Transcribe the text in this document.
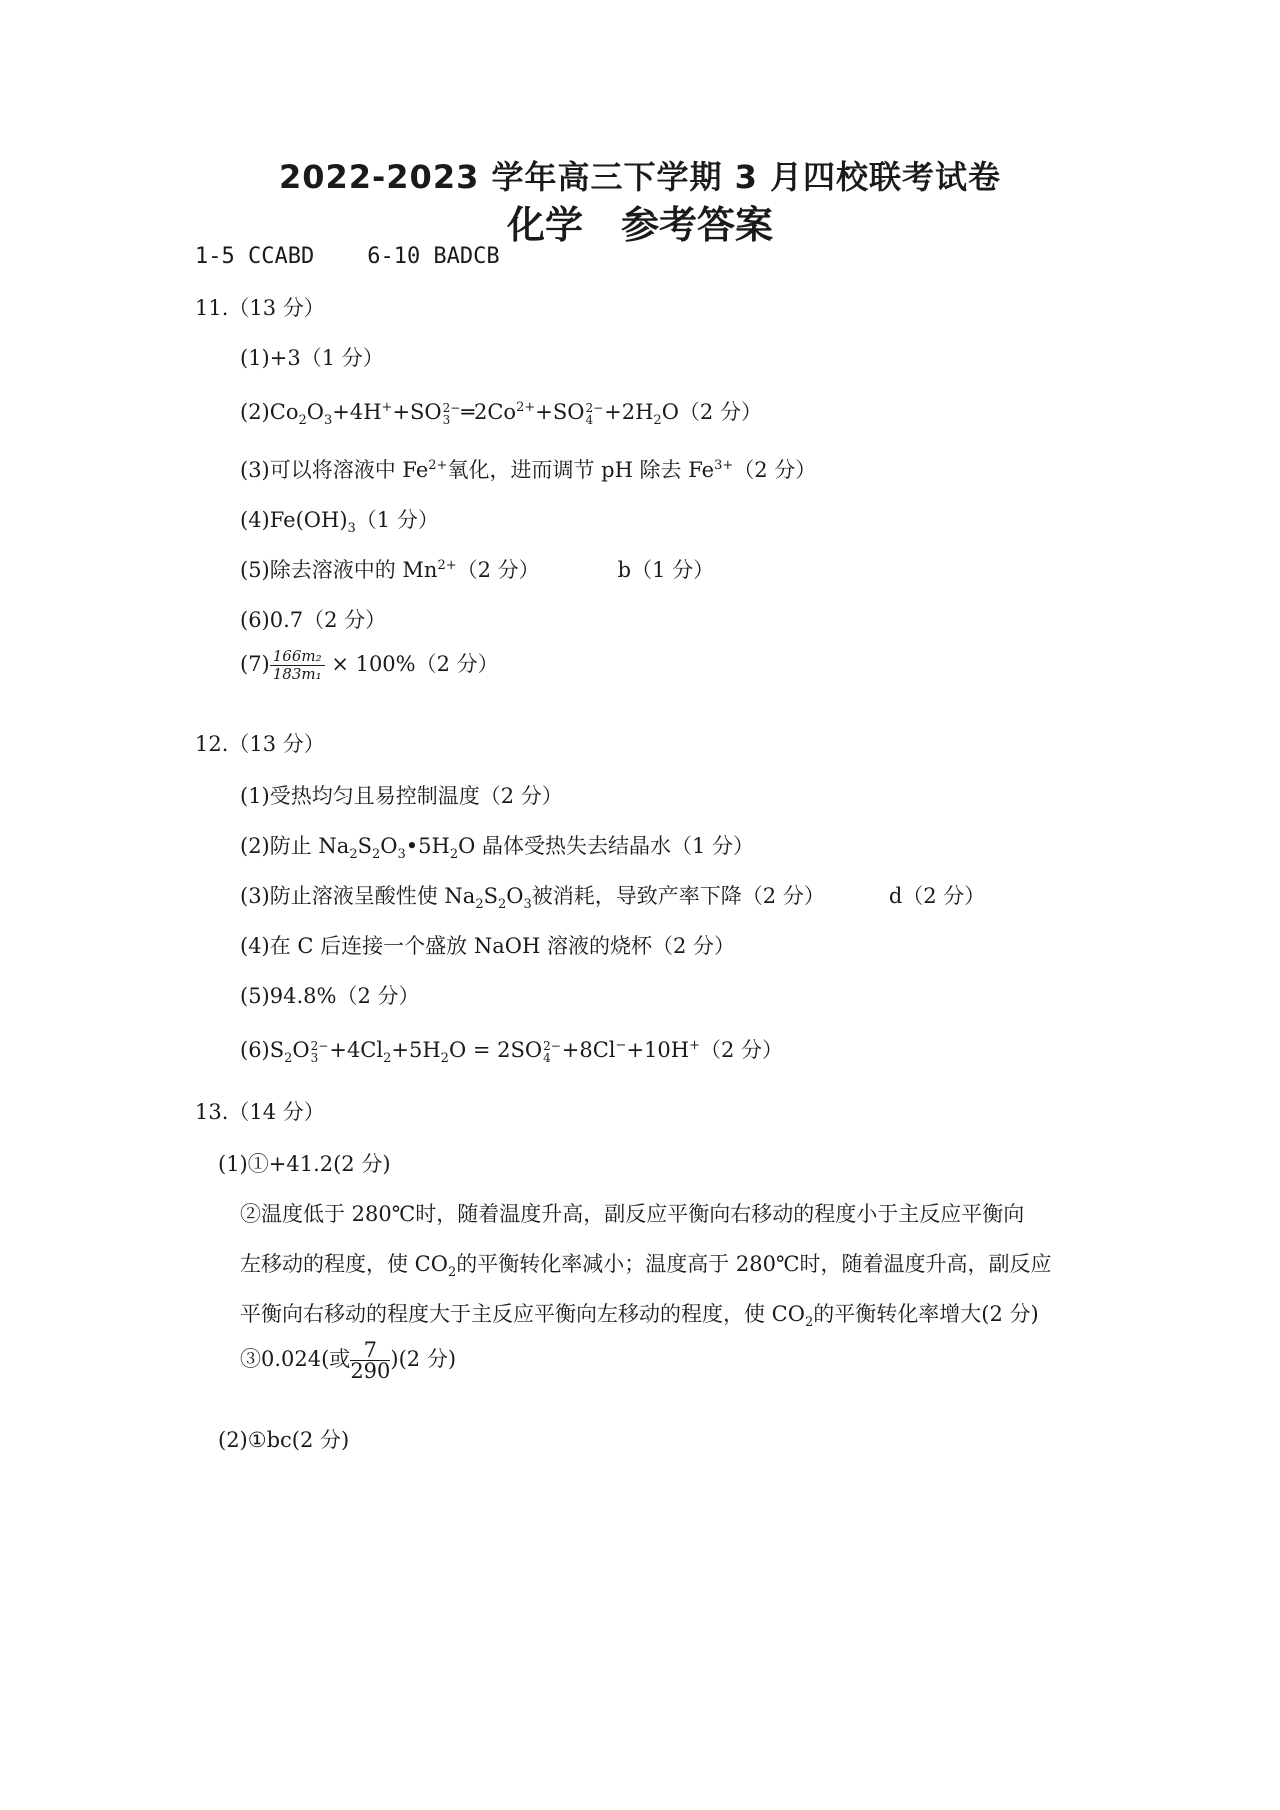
2022-2023 学年高三下学期 3 月四校联考试卷
化学　参考答案
1-5 CCABD 6-10 BADCB
11.（13 分）
(1)+3（1 分）
$(2)Co_2O_3+4H^++SO$ 2−
3 $═2Co^{2+}+SO$ 2−
$4 +2H_2O(2$ 分）
(3)可以将溶液中 $Fe^{2+}$氧化，进而调节 pH 除去 $Fe^{3+}(2$ 分）
$(4)Fe(OH)_3(1$ 分）
(5)除去溶液中的 $Mn^{2+}(2$ 分）	b（1 分）
(6)0.7（2 分）
$(7) \frac{\text{166m₂}}{\text{183m₁}} \times 100\%(2$ 分）
12.（13 分）
(1)受热均匀且易控制温度（2 分）
(2)防止 $Na_2S_2O_3•5H_2O$ 晶体受热失去结晶水（1 分）
(3)防止溶液呈酸性使 $Na_2S_2O_3$被消耗，导致产率下降（2 分）	d（2 分）
(4)在 C 后连接一个盛放 NaOH 溶液的烧杯（2 分）
(5)94.8%（2 分）
$(6)S_2O$ 2−
$3 +4Cl_2+5H_2O = 2SO$ 2−
4 +8Cl−+10H+（2 分）
13.（14 分）
(1)①+41.2(2 分)
②温度低于 280℃时，随着温度升高，副反应平衡向右移动的程度小于主反应平衡向
左移动的程度，使 $CO_2$的平衡转化率减小；温度高于 280℃时，随着温度升高，副反应
平衡向右移动的程度大于主反应平衡向左移动的程度，使 $CO_2$的平衡转化率增大(2 分)
③0.024(或 $\frac{7}{290} )(2$ 分)
(2)①bc(2 分)
